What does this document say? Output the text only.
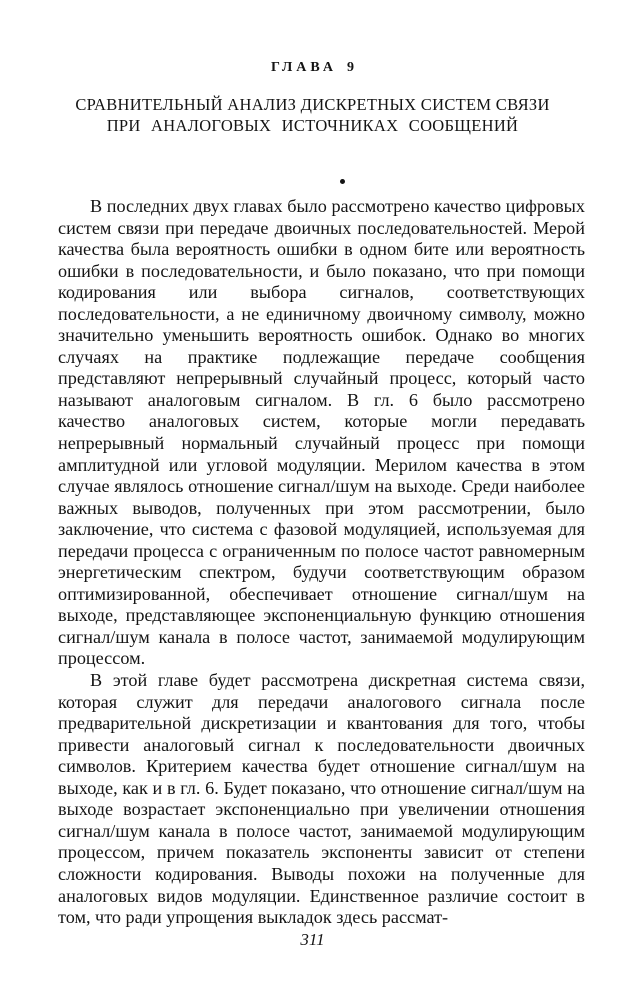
ГЛАВА 9
СРАВНИТЕЛЬНЫЙ АНАЛИЗ ДИСКРЕТНЫХ СИСТЕМ СВЯЗИ
ПРИ АНАЛОГОВЫХ ИСТОЧНИКАХ СООБЩЕНИЙ

В последних двух главах было рассмотрено качество цифровых систем связи при передаче двоичных последовательностей. Мерой качества была вероятность ошибки в одном бите или вероятность ошибки в последовательности, и было показано, что при помощи кодирования или выбора сигналов, соответствующих последовательности, а не единичному двоичному символу, можно значительно уменьшить вероятность ошибок. Однако во многих случаях на практике подлежащие передаче сообщения представляют непрерывный случайный процесс, который часто называют аналоговым сигналом. В гл. 6 было рассмотрено качество аналоговых систем, которые могли передавать непрерывный нормальный случайный процесс при помощи амплитудной или угловой модуляции. Мерилом качества в этом случае являлось отношение сигнал/шум на выходе. Среди наиболее важных выводов, полученных при этом рассмотрении, было заключение, что система с фазовой модуляцией, используемая для передачи процесса с ограниченным по полосе частот равномерным энергетическим спектром, будучи соответствующим образом оптимизированной, обеспечивает отношение сигнал/шум на выходе, представляющее экспоненциальную функцию отношения сигнал/шум канала в полосе частот, занимаемой модулирующим процессом.

В этой главе будет рассмотрена дискретная система связи, которая служит для передачи аналогового сигнала после предварительной дискретизации и квантования для того, чтобы привести аналоговый сигнал к последовательности двоичных символов. Критерием качества будет отношение сигнал/шум на выходе, как и в гл. 6. Будет показано, что отношение сигнал/шум на выходе возрастает экспоненциально при увеличении отношения сигнал/шум канала в полосе частот, занимаемой модулирующим процессом, причем показатель экспоненты зависит от степени сложности кодирования. Выводы похожи на полученные для аналоговых видов модуляции. Единственное различие состоит в том, что ради упрощения выкладок здесь рассмат-

311
